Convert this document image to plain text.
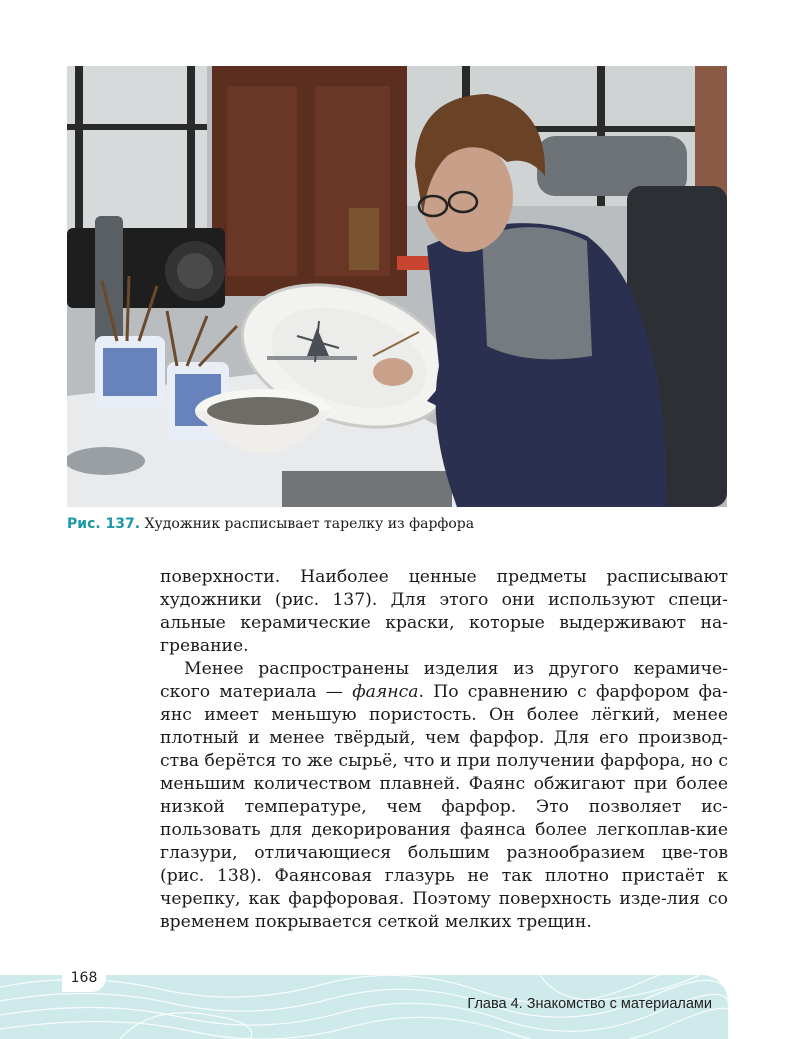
Рис. 137. Художник расписывает тарелку из фарфора

поверхности. Наиболее ценные предметы расписывают художники (рис. 137). Для этого они используют специ-альные керамические краски, которые выдерживают на-гревание.

Менее распространены изделия из другого керамиче-ского материала — фаянса. По сравнению с фарфором фа-янс имеет меньшую пористость. Он более лёгкий, менее плотный и менее твёрдый, чем фарфор. Для его производ-ства берётся то же сырьё, что и при получении фарфора, но с меньшим количеством плавней. Фаянс обжигают при более низкой температуре, чем фарфор. Это позволяет ис-пользовать для декорирования фаянса более легкоплав-кие глазури, отличающиеся большим разнообразием цве-тов (рис. 138). Фаянсовая глазурь не так плотно пристаёт к черепку, как фарфоровая. Поэтому поверхность изде-лия со временем покрывается сеткой мелких трещин.

168
Глава 4. Знакомство с материалами
